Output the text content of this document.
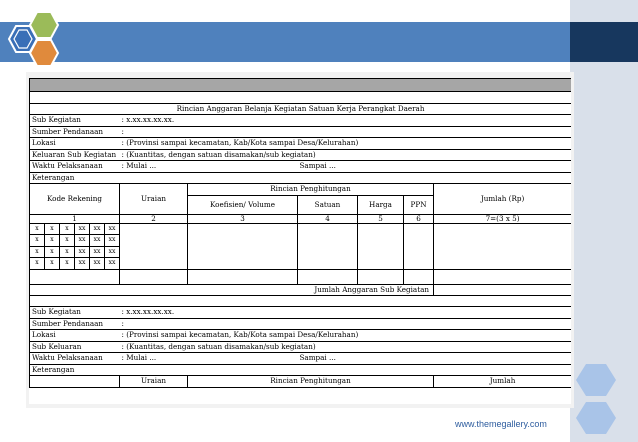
Rincian Anggaran Belanja Kegiatan Satuan Kerja Perangkat Daerah											
Sub Kegiatan						: x.xx.xx.xx.xx.					
Sumber Pendanaan						:					
Lokasi						: (Provinsi sampai kecamatan, Kab/Kota sampai Desa/Kelurahan)					
Keluaran Sub Kegiatan						: (Kuantitas, dengan satuan disamakan/sub kegiatan)					
Waktu Pelaksanaan						: Mulai ...		Sampai ...			
Keterangan	
Kode Rekening						Uraian	Rincian Penghitungan				Jumlah (Rp)
							Koefisien/ Volume	Satuan	Harga	PPN	
1						2	3	4	5	6	7=(3 x 5)
x	x	x	xx	xx	xx						
x	x	x	xx	xx	xx						
x	x	x	xx	xx	xx						
x	x	x	xx	xx	xx						

Jumlah Anggaran Sub Kegiatan											

Sub Kegiatan						: x.xx.xx.xx.xx.					
Sumber Pendanaan						:					
Lokasi						: (Provinsi sampai kecamatan, Kab/Kota sampai Desa/Kelurahan)					
Sub Keluaran						: (Kuantitas, dengan satuan disamakan/sub kegiatan)					
Waktu Pelaksanaan						: Mulai ...		Sampai ...			
Keterangan	
						Uraian	Rincian Penghitungan				Jumlah
www.themegallery.com
